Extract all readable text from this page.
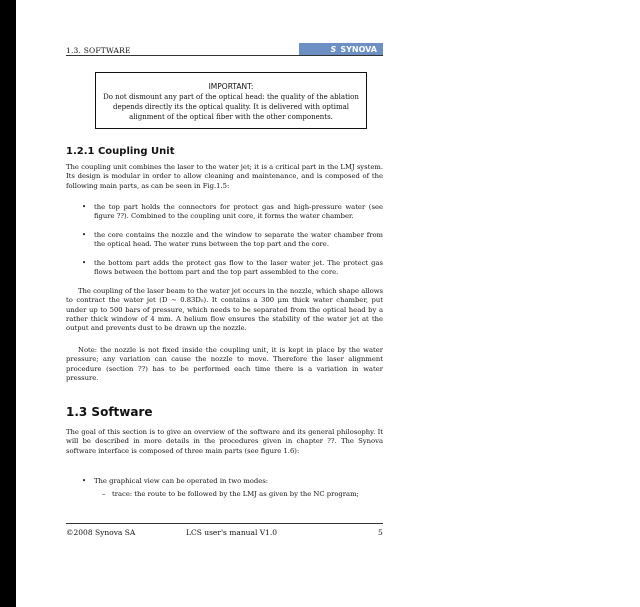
1.3. SOFTWARE	S SYNOVA
IMPORTANT:
Do not dismount any part of the optical head: the quality of the ablation depends directly its the optical quality. It is delivered with optimal alignment of the optical fiber with the other components.
1.2.1 Coupling Unit
The coupling unit combines the laser to the water jet; it is a critical part in the LMJ system. Its design is modular in order to allow cleaning and maintenance, and is composed of the following main parts, as can be seen in Fig.1.5:
• the top part holds the connectors for protect gas and high-pressure water (see figure ??). Combined to the coupling unit core, it forms the water chamber.
• the core contains the nozzle and the window to separate the water chamber from the optical head. The water runs between the top part and the core.
• the bottom part adds the protect gas flow to the laser water jet. The protect gas flows between the bottom part and the top part assembled to the core.
The coupling of the laser beam to the water jet occurs in the nozzle, which shape allows to contract the water jet (D ∼ 0.83D₀). It contains a 300 μm thick water chamber, put under up to 500 bars of pressure, which needs to be separated from the optical head by a rather thick window of 4 mm. A helium flow ensures the stability of the water jet at the output and prevents dust to be drawn up the nozzle.
Note: the nozzle is not fixed inside the coupling unit, it is kept in place by the water pressure; any variation can cause the nozzle to move. Therefore the laser alignment procedure (section ??) has to be performed each time there is a variation in water pressure.
1.3 Software
The goal of this section is to give an overview of the software and its general philosophy. It will be described in more details in the procedures given in chapter ??. The Synova software interface is composed of three main parts (see figure 1.6):
• The graphical view can be operated in two modes:
– trace: the route to be followed by the LMJ as given by the NC program;
©2008 Synova SA	LCS user's manual V1.0	5
